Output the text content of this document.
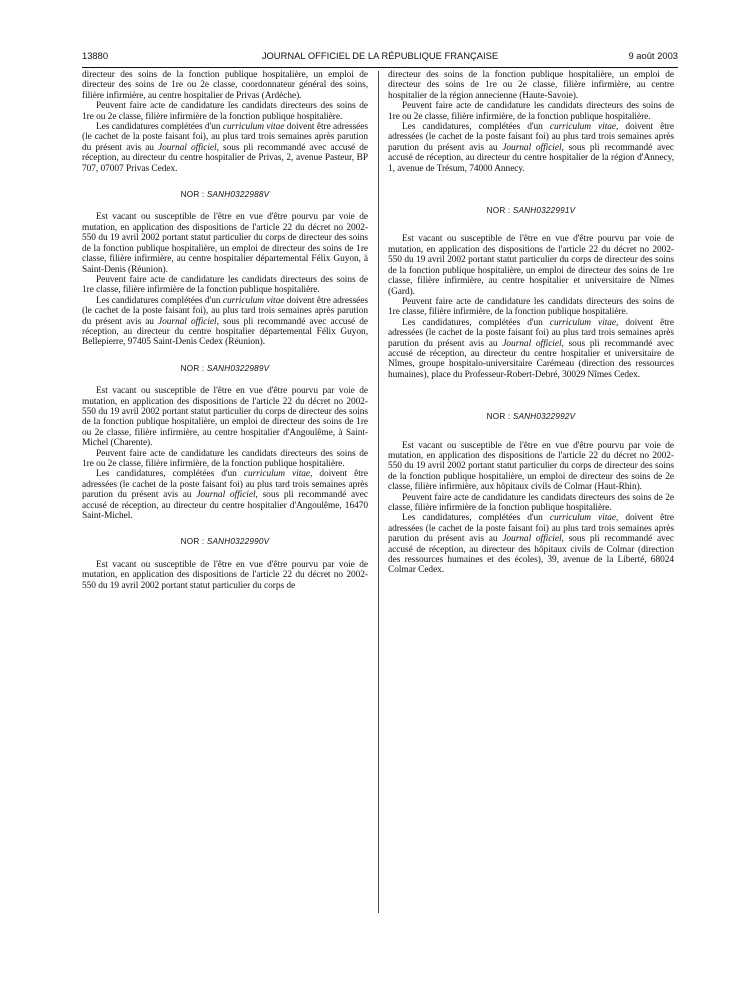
13880	JOURNAL OFFICIEL DE LA RÉPUBLIQUE FRANÇAISE	9 août 2003

directeur des soins de la fonction publique hospitalière, un emploi de directeur des soins de 1re ou 2e classe, coordonnateur général des soins, filière infirmière, au centre hospitalier de Privas (Ardèche).

Peuvent faire acte de candidature les candidats directeurs des soins de 1re ou 2e classe, filière infirmière de la fonction publique hospitalière.

Les candidatures complétées d'un curriculum vitae doivent être adressées (le cachet de la poste faisant foi), au plus tard trois semaines après parution du présent avis au Journal officiel, sous pli recommandé avec accusé de réception, au directeur du centre hospitalier de Privas, 2, avenue Pasteur, BP 707, 07007 Privas Cedex.

NOR : SANH0322988V

Est vacant ou susceptible de l'être en vue d'être pourvu par voie de mutation, en application des dispositions de l'article 22 du décret no 2002-550 du 19 avril 2002 portant statut particulier du corps de directeur des soins de la fonction publique hospitalière, un emploi de directeur des soins de 1re classe, filière infirmière, au centre hospitalier départemental Félix Guyon, à Saint-Denis (Réunion).

Peuvent faire acte de candidature les candidats directeurs des soins de 1re classe, filière infirmière de la fonction publique hospitalière.

Les candidatures complétées d'un curriculum vitae doivent être adressées (le cachet de la poste faisant foi), au plus tard trois semaines après parution du présent avis au Journal officiel, sous pli recommandé avec accusé de réception, au directeur du centre hospitalier départemental Félix Guyon, Bellepierre, 97405 Saint-Denis Cedex (Réunion).

NOR : SANH0322989V

Est vacant ou susceptible de l'être en vue d'être pourvu par voie de mutation, en application des dispositions de l'article 22 du décret no 2002-550 du 19 avril 2002 portant statut particulier du corps de directeur des soins de la fonction publique hospitalière, un emploi de directeur des soins de 1re ou 2e classe, filière infirmière, au centre hospitalier d'Angoulême, à Saint-Michel (Charente).

Peuvent faire acte de candidature les candidats directeurs des soins de 1re ou 2e classe, filière infirmière, de la fonction publique hospitalière.

Les candidatures, complétées d'un curriculum vitae, doivent être adressées (le cachet de la poste faisant foi) au plus tard trois semaines après parution du présent avis au Journal officiel, sous pli recommandé avec accusé de réception, au directeur du centre hospitalier d'Angoulême, 16470 Saint-Michel.

NOR : SANH0322990V

Est vacant ou susceptible de l'être en vue d'être pourvu par voie de mutation, en application des dispositions de l'article 22 du décret no 2002-550 du 19 avril 2002 portant statut particulier du corps de

directeur des soins de la fonction publique hospitalière, un emploi de directeur des soins de 1re ou 2e classe, filière infirmière, au centre hospitalier de la région annecienne (Haute-Savoie).

Peuvent faire acte de candidature les candidats directeurs des soins de 1re ou 2e classe, filière infirmière, de la fonction publique hospitalière.

Les candidatures, complétées d'un curriculum vitae, doivent être adressées (le cachet de la poste faisant foi) au plus tard trois semaines après parution du présent avis au Journal officiel, sous pli recommandé avec accusé de réception, au directeur du centre hospitalier de la région d'Annecy, 1, avenue de Trésum, 74000 Annecy.

NOR : SANH0322991V

Est vacant ou susceptible de l'être en vue d'être pourvu par voie de mutation, en application des dispositions de l'article 22 du décret no 2002-550 du 19 avril 2002 portant statut particulier du corps de directeur des soins de la fonction publique hospitalière, un emploi de directeur des soins de 1re classe, filière infirmière, au centre hospitalier et universitaire de Nîmes (Gard).

Peuvent faire acte de candidature les candidats directeurs des soins de 1re classe, filière infirmière, de la fonction publique hospitalière.

Les candidatures, complétées d'un curriculum vitae, doivent être adressées (le cachet de la poste faisant foi) au plus tard trois semaines après parution du présent avis au Journal officiel, sous pli recommandé avec accusé de réception, au directeur du centre hospitalier et universitaire de Nîmes, groupe hospitalo-universitaire Carémeau (direction des ressources humaines), place du Professeur-Robert-Debré, 30029 Nîmes Cedex.

NOR : SANH0322992V

Est vacant ou susceptible de l'être en vue d'être pourvu par voie de mutation, en application des dispositions de l'article 22 du décret no 2002-550 du 19 avril 2002 portant statut particulier du corps de directeur des soins de la fonction publique hospitalière, un emploi de directeur des soins de 2e classe, filière infirmière, aux hôpitaux civils de Colmar (Haut-Rhin).

Peuvent faire acte de candidature les candidats directeurs des soins de 2e classe, filière infirmière de la fonction publique hospitalière.

Les candidatures, complétées d'un curriculum vitae, doivent être adressées (le cachet de la poste faisant foi) au plus tard trois semaines après parution du présent avis au Journal officiel, sous pli recommandé avec accusé de réception, au directeur des hôpitaux civils de Colmar (direction des ressources humaines et des écoles), 39, avenue de la Liberté, 68024 Colmar Cedex.
